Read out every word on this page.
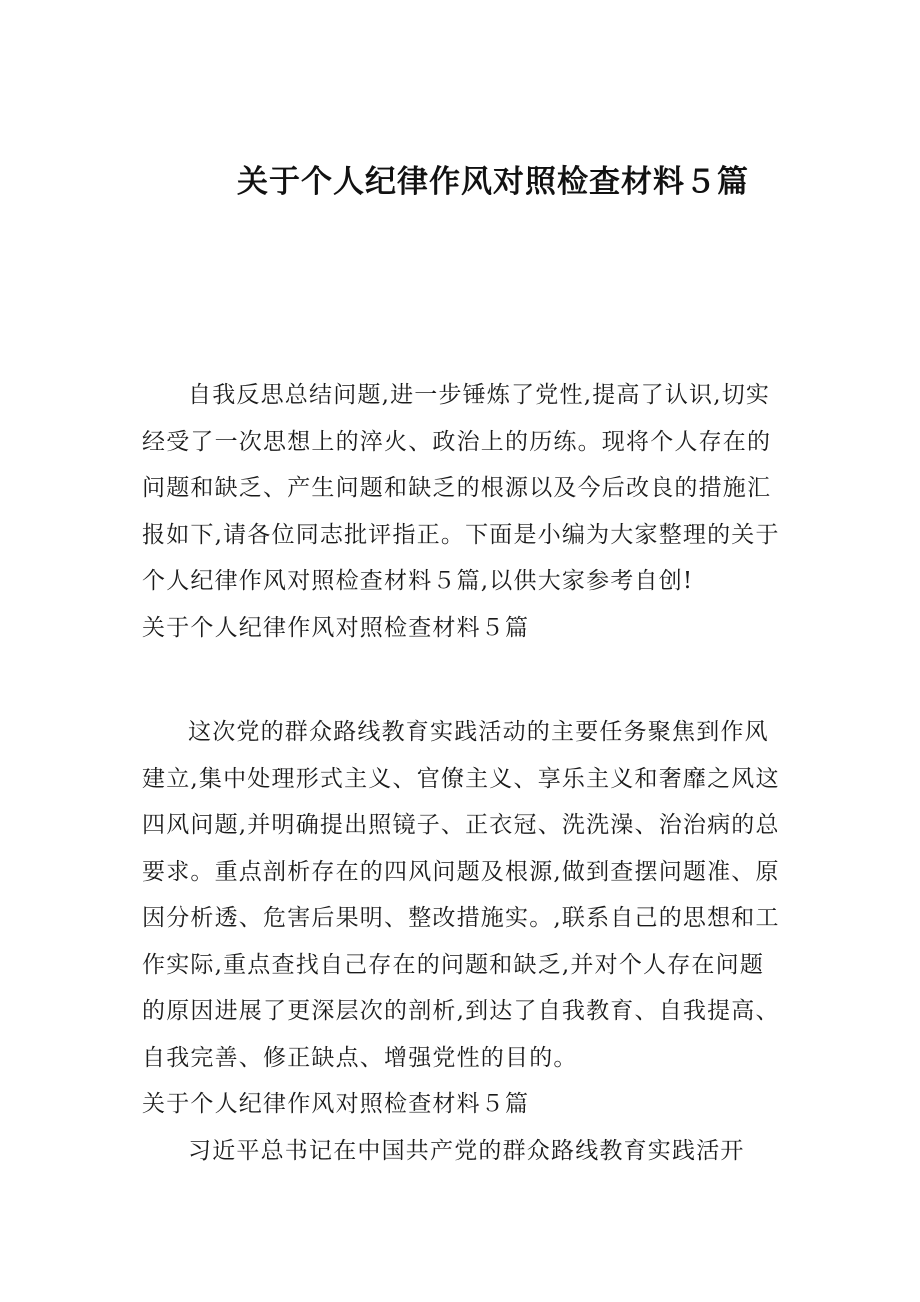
关于个人纪律作风对照检查材料５篇

自我反思总结问题,进一步锤炼了党性,提高了认识,切实经受了一次思想上的淬火、政治上的历练。现将个人存在的问题和缺乏、产生问题和缺乏的根源以及今后改良的措施汇报如下,请各位同志批评指正。下面是小编为大家整理的关于个人纪律作风对照检查材料５篇,以供大家参考自创!

关于个人纪律作风对照检查材料５篇

这次党的群众路线教育实践活动的主要任务聚焦到作风建立,集中处理形式主义、官僚主义、享乐主义和奢靡之风这四风问题,并明确提出照镜子、正衣冠、洗洗澡、治治病的总要求。重点剖析存在的四风问题及根源,做到查摆问题准、原因分析透、危害后果明、整改措施实。,联系自己的思想和工作实际,重点查找自己存在的问题和缺乏,并对个人存在问题的原因进展了更深层次的剖析,到达了自我教育、自我提高、自我完善、修正缺点、增强党性的目的。

关于个人纪律作风对照检查材料５篇

习近平总书记在中国共产党的群众路线教育实践活开
